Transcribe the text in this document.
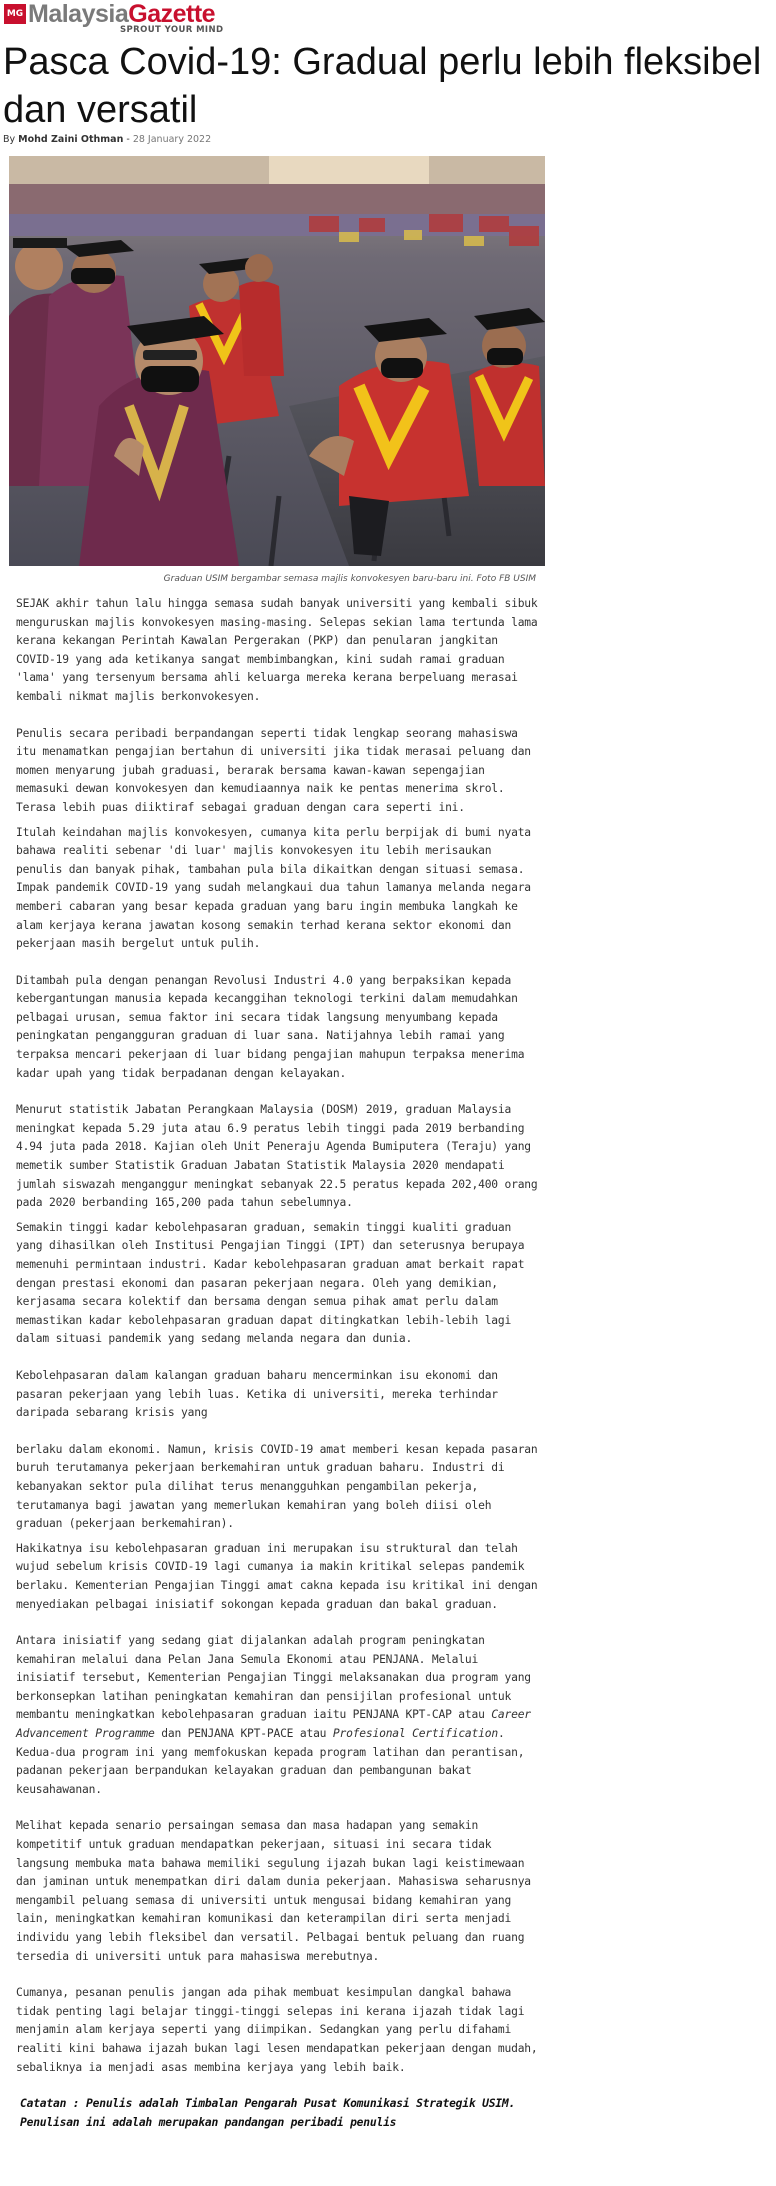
MG MalaysiaGazette
SPROUT YOUR MIND
Pasca Covid-19: Gradual perlu lebih fleksibel dan versatil
By Mohd Zaini Othman - 28 January 2022
Graduan USIM bergambar semasa majlis konvokesyen baru-baru ini. Foto FB USIM

SEJAK akhir tahun lalu hingga semasa sudah banyak universiti yang kembali sibuk menguruskan majlis konvokesyen masing-masing. Selepas sekian lama tertunda lama kerana kekangan Perintah Kawalan Pergerakan (PKP) dan penularan jangkitan COVID-19 yang ada ketikanya sangat membimbangkan, kini sudah ramai graduan 'lama' yang tersenyum bersama ahli keluarga mereka kerana berpeluang merasai kembali nikmat majlis berkonvokesyen.

Penulis secara peribadi berpandangan seperti tidak lengkap seorang mahasiswa itu menamatkan pengajian bertahun di universiti jika tidak merasai peluang dan momen menyarung jubah graduasi, berarak bersama kawan-kawan sepengajian memasuki dewan konvokesyen dan kemudiaannya naik ke pentas menerima skrol. Terasa lebih puas diiktiraf sebagai graduan dengan cara seperti ini.

Itulah keindahan majlis konvokesyen, cumanya kita perlu berpijak di bumi nyata bahawa realiti sebenar 'di luar' majlis konvokesyen itu lebih merisaukan penulis dan banyak pihak, tambahan pula bila dikaitkan dengan situasi semasa. Impak pandemik COVID-19 yang sudah melangkaui dua tahun lamanya melanda negara memberi cabaran yang besar kepada graduan yang baru ingin membuka langkah ke alam kerjaya kerana jawatan kosong semakin terhad kerana sektor ekonomi dan pekerjaan masih bergelut untuk pulih.

Ditambah pula dengan penangan Revolusi Industri 4.0 yang berpaksikan kepada kebergantungan manusia kepada kecanggihan teknologi terkini dalam memudahkan pelbagai urusan, semua faktor ini secara tidak langsung menyumbang kepada peningkatan pengangguran graduan di luar sana. Natijahnya lebih ramai yang terpaksa mencari pekerjaan di luar bidang pengajian mahupun terpaksa menerima kadar upah yang tidak berpadanan dengan kelayakan.

Menurut statistik Jabatan Perangkaan Malaysia (DOSM) 2019, graduan Malaysia meningkat kepada 5.29 juta atau 6.9 peratus lebih tinggi pada 2019 berbanding 4.94 juta pada 2018. Kajian oleh Unit Peneraju Agenda Bumiputera (Teraju) yang memetik sumber Statistik Graduan Jabatan Statistik Malaysia 2020 mendapati jumlah siswazah menganggur meningkat sebanyak 22.5 peratus kepada 202,400 orang pada 2020 berbanding 165,200 pada tahun sebelumnya.

Semakin tinggi kadar kebolehpasaran graduan, semakin tinggi kualiti graduan yang dihasilkan oleh Institusi Pengajian Tinggi (IPT) dan seterusnya berupaya memenuhi permintaan industri. Kadar kebolehpasaran graduan amat berkait rapat dengan prestasi ekonomi dan pasaran pekerjaan negara. Oleh yang demikian, kerjasama secara kolektif dan bersama dengan semua pihak amat perlu dalam memastikan kadar kebolehpasaran graduan dapat ditingkatkan lebih-lebih lagi dalam situasi pandemik yang sedang melanda negara dan dunia.

Kebolehpasaran dalam kalangan graduan baharu mencerminkan isu ekonomi dan pasaran pekerjaan yang lebih luas. Ketika di universiti, mereka terhindar daripada sebarang krisis yang

berlaku dalam ekonomi. Namun, krisis COVID-19 amat memberi kesan kepada pasaran buruh terutamanya pekerjaan berkemahiran untuk graduan baharu. Industri di kebanyakan sektor pula dilihat terus menangguhkan pengambilan pekerja, terutamanya bagi jawatan yang memerlukan kemahiran yang boleh diisi oleh graduan (pekerjaan berkemahiran).

Hakikatnya isu kebolehpasaran graduan ini merupakan isu struktural dan telah wujud sebelum krisis COVID-19 lagi cumanya ia makin kritikal selepas pandemik berlaku. Kementerian Pengajian Tinggi amat cakna kepada isu kritikal ini dengan menyediakan pelbagai inisiatif sokongan kepada graduan dan bakal graduan.

Antara inisiatif yang sedang giat dijalankan adalah program peningkatan kemahiran melalui dana Pelan Jana Semula Ekonomi atau PENJANA. Melalui inisiatif tersebut, Kementerian Pengajian Tinggi melaksanakan dua program yang berkonsepkan latihan peningkatan kemahiran dan pensijilan profesional untuk membantu meningkatkan kebolehpasaran graduan iaitu PENJANA KPT-CAP atau Career Advancement Programme dan PENJANA KPT-PACE atau Profesional Certification. Kedua-dua program ini yang memfokuskan kepada program latihan dan perantisan, padanan pekerjaan berpandukan kelayakan graduan dan pembangunan bakat keusahawanan.

Melihat kepada senario persaingan semasa dan masa hadapan yang semakin kompetitif untuk graduan mendapatkan pekerjaan, situasi ini secara tidak langsung membuka mata bahawa memiliki segulung ijazah bukan lagi keistimewaan dan jaminan untuk menempatkan diri dalam dunia pekerjaan. Mahasiswa seharusnya mengambil peluang semasa di universiti untuk mengusai bidang kemahiran yang lain, meningkatkan kemahiran komunikasi dan keterampilan diri serta menjadi individu yang lebih fleksibel dan versatil. Pelbagai bentuk peluang dan ruang tersedia di universiti untuk para mahasiswa merebutnya.

Cumanya, pesanan penulis jangan ada pihak membuat kesimpulan dangkal bahawa tidak penting lagi belajar tinggi-tinggi selepas ini kerana ijazah tidak lagi menjamin alam kerjaya seperti yang diimpikan. Sedangkan yang perlu difahami realiti kini bahawa ijazah bukan lagi lesen mendapatkan pekerjaan dengan mudah, sebaliknya ia menjadi asas membina kerjaya yang lebih baik.

Catatan : Penulis adalah Timbalan Pengarah Pusat Komunikasi Strategik USIM. Penulisan ini adalah merupakan pandangan peribadi penulis
